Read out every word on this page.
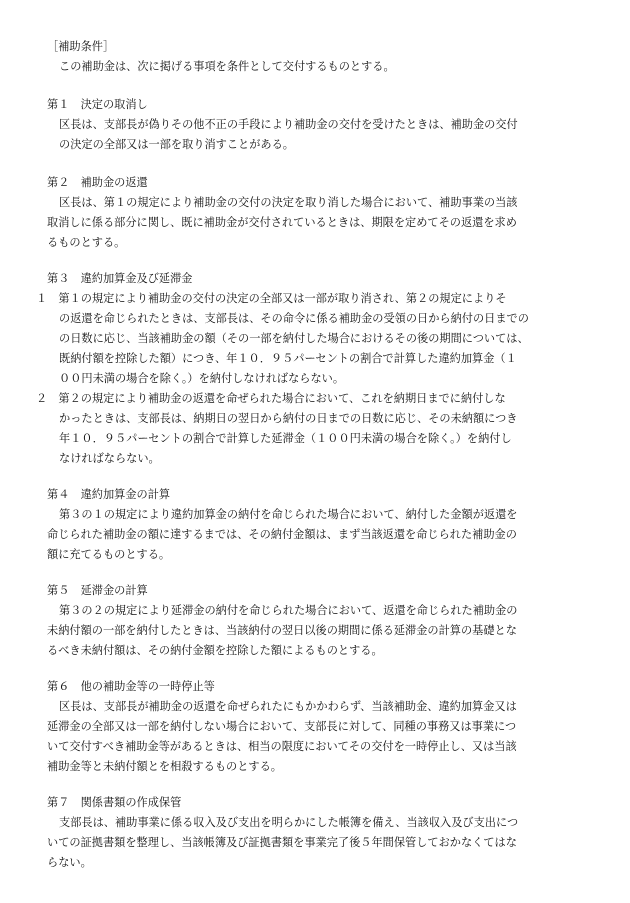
［補助条件］
この補助金は、次に掲げる事項を条件として交付するものとする。
第１　決定の取消し
区長は、支部長が偽りその他不正の手段により補助金の交付を受けたときは、補助金の交付
の決定の全部又は一部を取り消すことがある。
第２　補助金の返還
区長は、第１の規定により補助金の交付の決定を取り消した場合において、補助事業の当該
取消しに係る部分に関し、既に補助金が交付されているときは、期限を定めてその返還を求め
るものとする。
第３　違約加算金及び延滞金
１　第１の規定により補助金の交付の決定の全部又は一部が取り消され、第２の規定によりそ
の返還を命じられたときは、支部長は、その命令に係る補助金の受領の日から納付の日までの
の日数に応じ、当該補助金の額（その一部を納付した場合におけるその後の期間については、
既納付額を控除した額）につき、年１０．９５パーセントの割合で計算した違約加算金（１
００円未満の場合を除く。）を納付しなければならない。
２　第２の規定により補助金の返還を命ぜられた場合において、これを納期日までに納付しな
かったときは、支部長は、納期日の翌日から納付の日までの日数に応じ、その未納額につき
年１０．９５パーセントの割合で計算した延滞金（１００円未満の場合を除く。）を納付し
なければならない。
第４　違約加算金の計算
第３の１の規定により違約加算金の納付を命じられた場合において、納付した金額が返還を
命じられた補助金の額に達するまでは、その納付金額は、まず当該返還を命じられた補助金の
額に充てるものとする。
第５　延滞金の計算
第３の２の規定により延滞金の納付を命じられた場合において、返還を命じられた補助金の
未納付額の一部を納付したときは、当該納付の翌日以後の期間に係る延滞金の計算の基礎とな
るべき未納付額は、その納付金額を控除した額によるものとする。
第６　他の補助金等の一時停止等
区長は、支部長が補助金の返還を命ぜられたにもかかわらず、当該補助金、違約加算金又は
延滞金の全部又は一部を納付しない場合において、支部長に対して、同種の事務又は事業につ
いて交付すべき補助金等があるときは、相当の限度においてその交付を一時停止し、又は当該
補助金等と未納付額とを相殺するものとする。
第７　関係書類の作成保管
支部長は、補助事業に係る収入及び支出を明らかにした帳簿を備え、当該収入及び支出につ
いての証拠書類を整理し、当該帳簿及び証拠書類を事業完了後５年間保管しておかなくてはな
らない。
